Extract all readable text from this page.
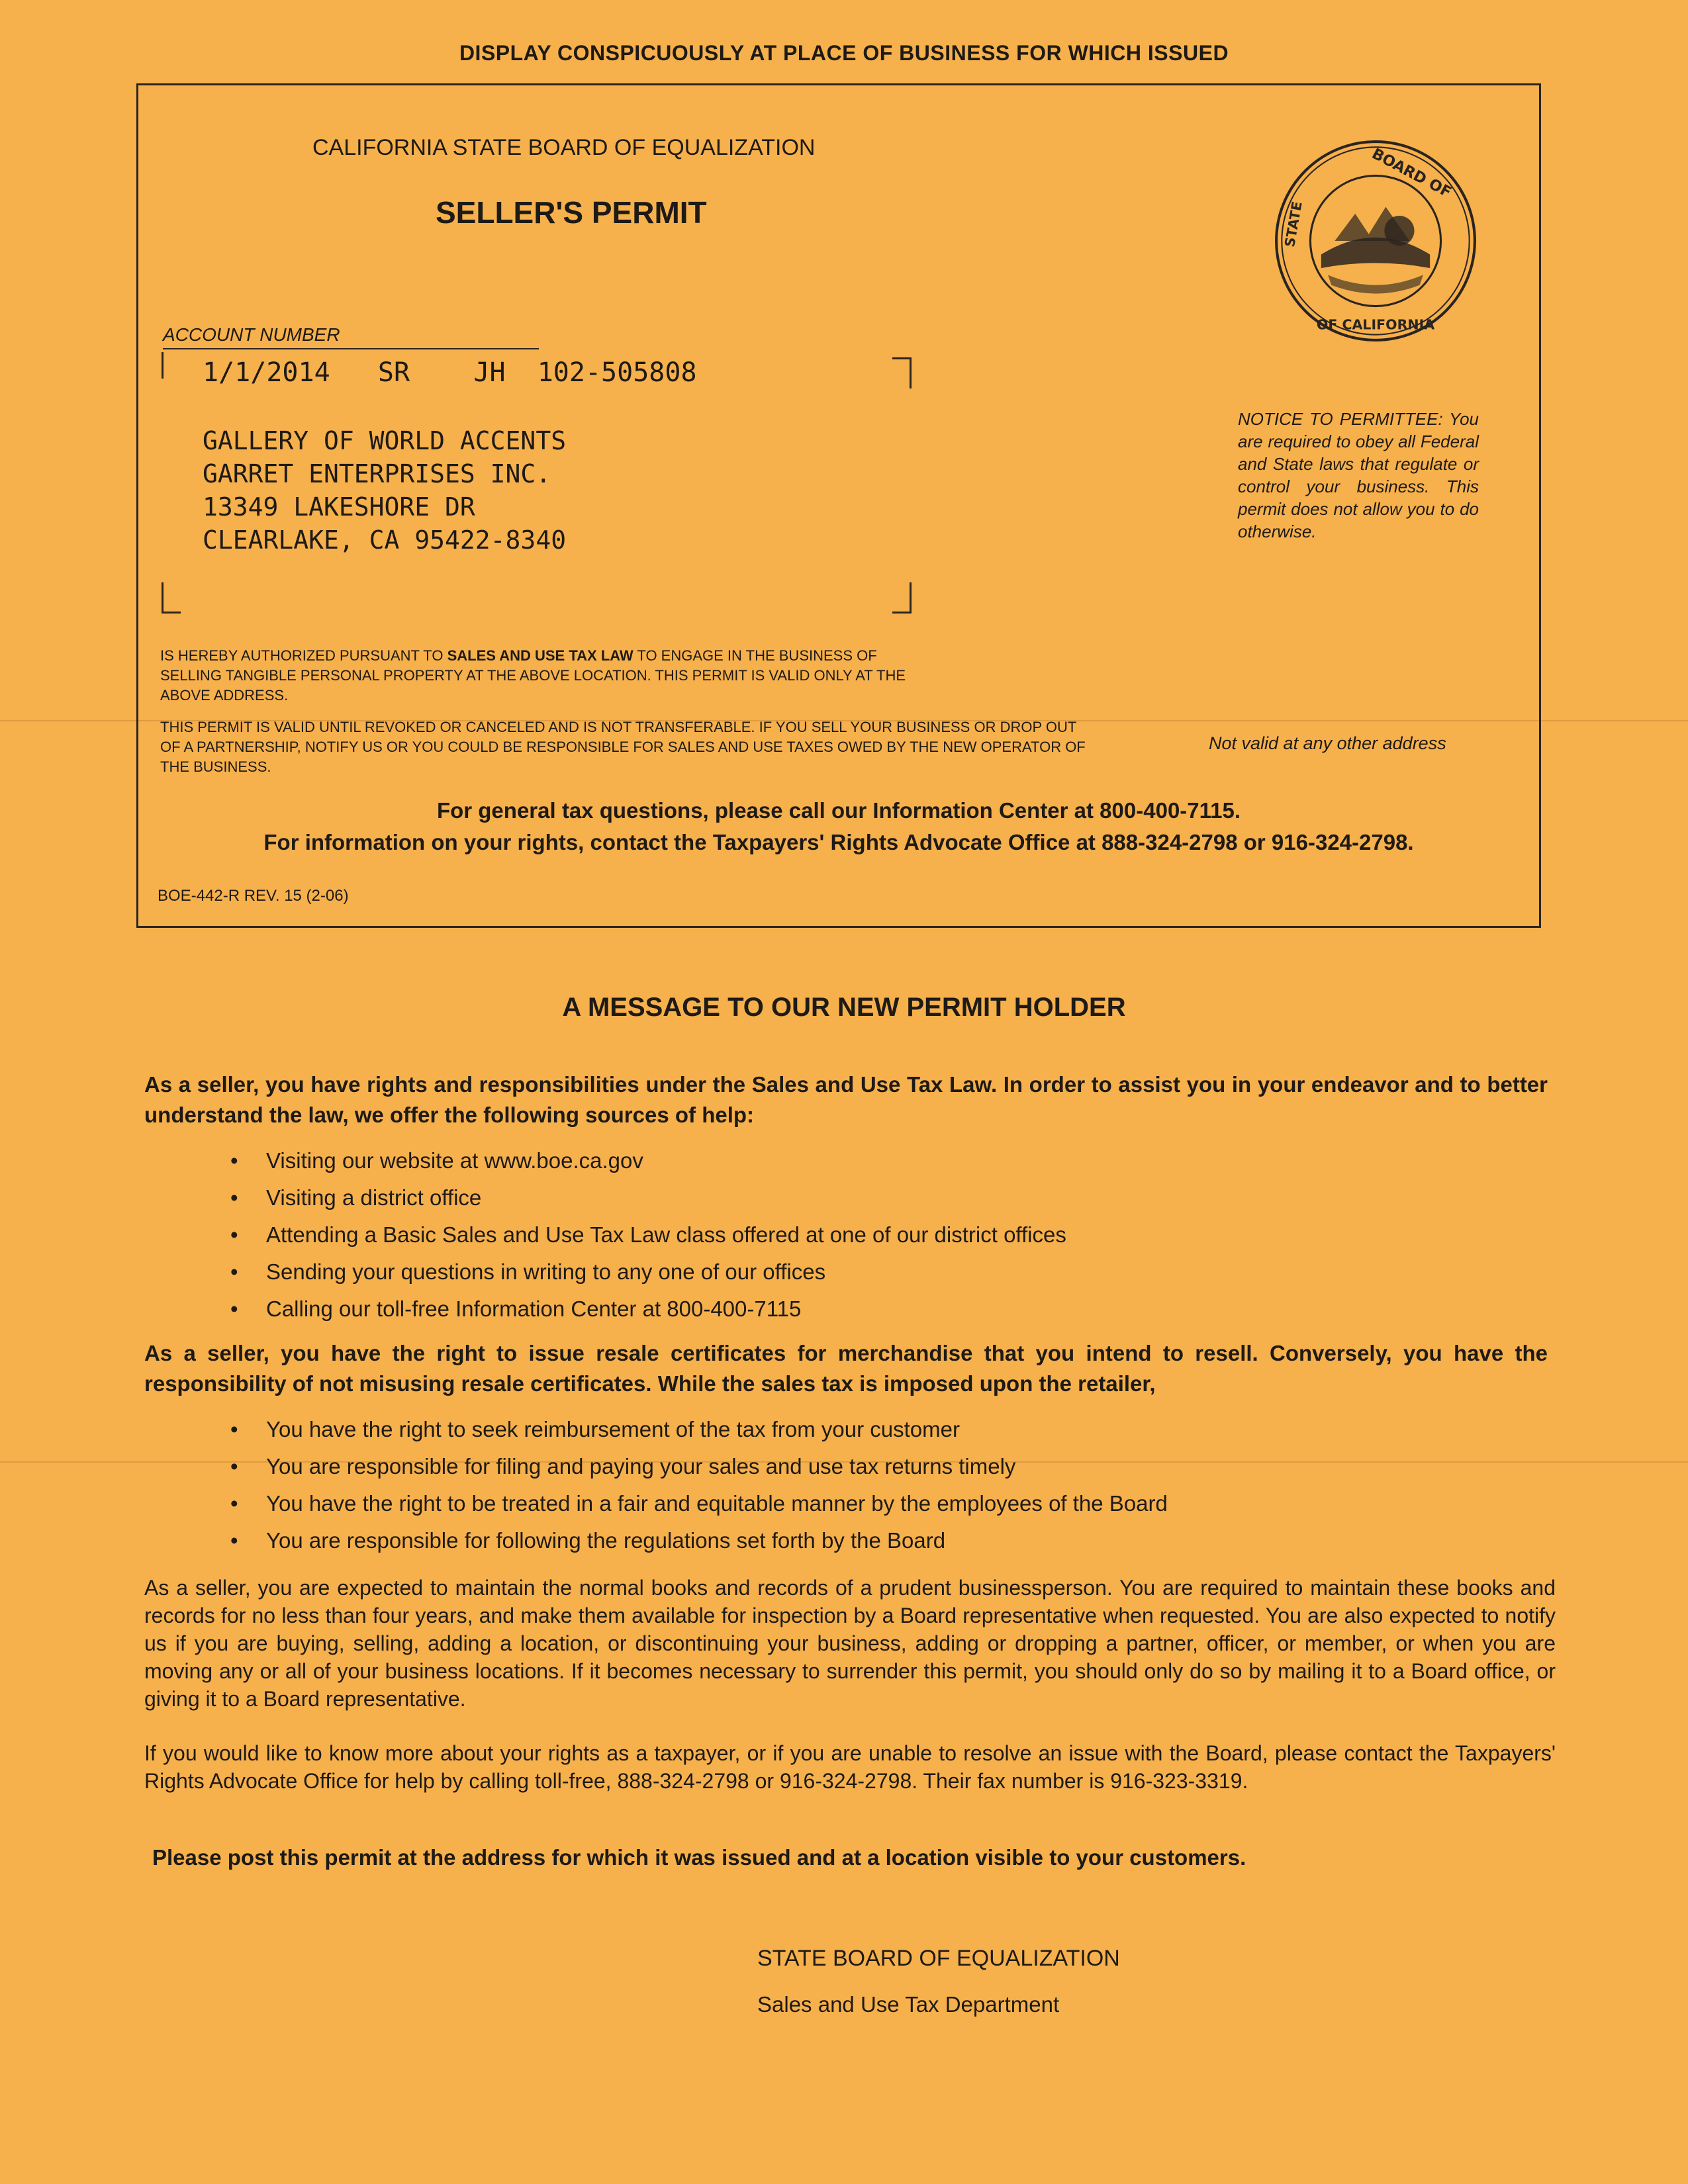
DISPLAY CONSPICUOUSLY AT PLACE OF BUSINESS FOR WHICH ISSUED
CALIFORNIA STATE BOARD OF EQUALIZATION
SELLER'S PERMIT
BOARD OF
OF CALIFORNIA
STATE
ACCOUNT NUMBER
1/1/2014   SR    JH  102-505808
GALLERY OF WORLD ACCENTS
GARRET ENTERPRISES INC.
13349 LAKESHORE DR
CLEARLAKE, CA 95422-8340
NOTICE TO PERMITTEE: You are required to obey all Federal and State laws that regulate or control your business. This permit does not allow you to do otherwise.
IS HEREBY AUTHORIZED PURSUANT TO SALES AND USE TAX LAW TO ENGAGE IN THE BUSINESS OF SELLING TANGIBLE PERSONAL PROPERTY AT THE ABOVE LOCATION. THIS PERMIT IS VALID ONLY AT THE ABOVE ADDRESS.
THIS PERMIT IS VALID UNTIL REVOKED OR CANCELED AND IS NOT TRANSFERABLE. IF YOU SELL YOUR BUSINESS OR DROP OUT OF A PARTNERSHIP, NOTIFY US OR YOU COULD BE RESPONSIBLE FOR SALES AND USE TAXES OWED BY THE NEW OPERATOR OF THE BUSINESS.
Not valid at any other address
For general tax questions, please call our Information Center at 800-400-7115.
For information on your rights, contact the Taxpayers' Rights Advocate Office at 888-324-2798 or 916-324-2798.
BOE-442-R REV. 15 (2-06)
A MESSAGE TO OUR NEW PERMIT HOLDER
As a seller, you have rights and responsibilities under the Sales and Use Tax Law. In order to assist you in your endeavor and to better understand the law, we offer the following sources of help:
• Visiting our website at www.boe.ca.gov
• Visiting a district office
• Attending a Basic Sales and Use Tax Law class offered at one of our district offices
• Sending your questions in writing to any one of our offices
• Calling our toll-free Information Center at 800-400-7115
As a seller, you have the right to issue resale certificates for merchandise that you intend to resell. Conversely, you have the responsibility of not misusing resale certificates. While the sales tax is imposed upon the retailer,
• You have the right to seek reimbursement of the tax from your customer
• You are responsible for filing and paying your sales and use tax returns timely
• You have the right to be treated in a fair and equitable manner by the employees of the Board
• You are responsible for following the regulations set forth by the Board
As a seller, you are expected to maintain the normal books and records of a prudent businessperson. You are required to maintain these books and records for no less than four years, and make them available for inspection by a Board representative when requested. You are also expected to notify us if you are buying, selling, adding a location, or discontinuing your business, adding or dropping a partner, officer, or member, or when you are moving any or all of your business locations. If it becomes necessary to surrender this permit, you should only do so by mailing it to a Board office, or giving it to a Board representative.
If you would like to know more about your rights as a taxpayer, or if you are unable to resolve an issue with the Board, please contact the Taxpayers' Rights Advocate Office for help by calling toll-free, 888-324-2798 or 916-324-2798. Their fax number is 916-323-3319.
Please post this permit at the address for which it was issued and at a location visible to your customers.
STATE BOARD OF EQUALIZATION
Sales and Use Tax Department
